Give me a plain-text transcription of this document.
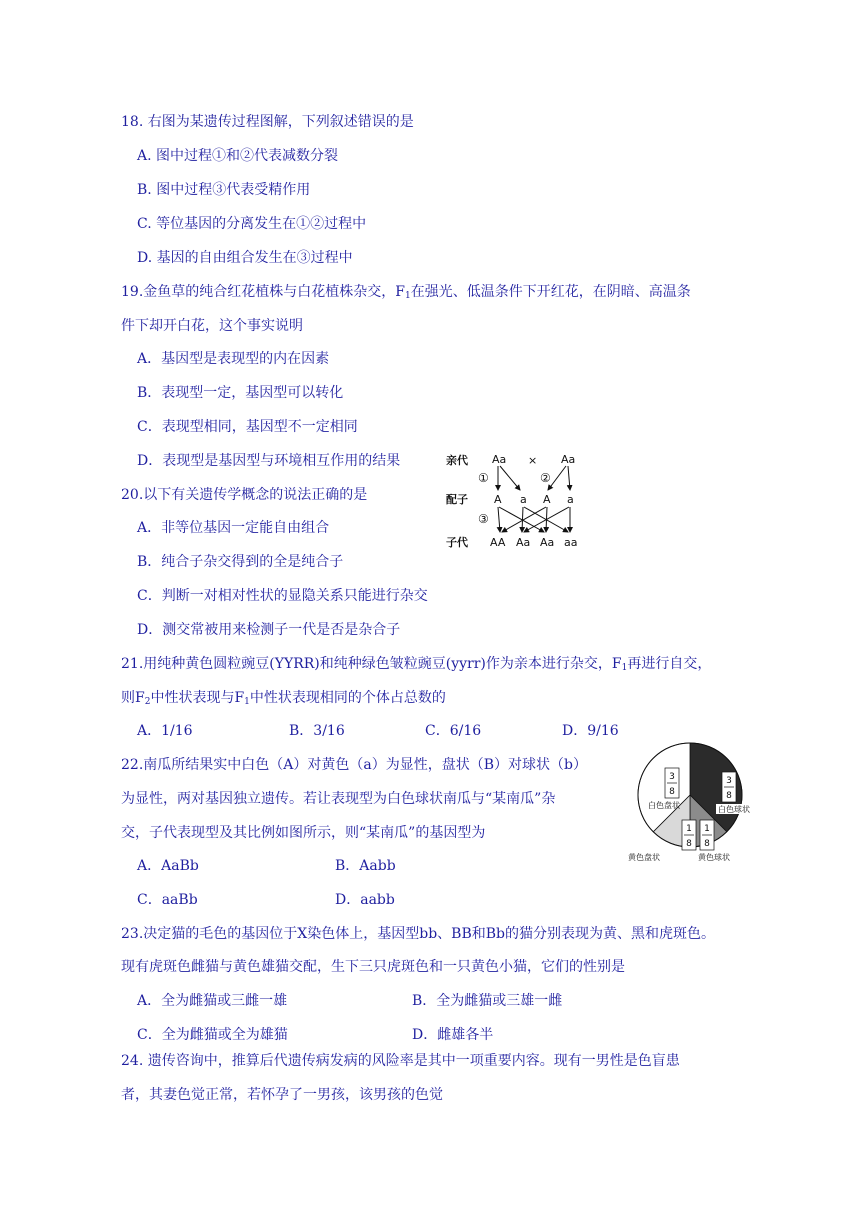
18. 右图为某遗传过程图解，下列叙述错误的是
A. 图中过程①和②代表减数分裂
B. 图中过程③代表受精作用
C. 等位基因的分离发生在①②过程中
D. 基因的自由组合发生在③过程中
19.金鱼草的纯合红花植株与白花植株杂交，$F_1$在强光、低温条件下开红花，在阴暗、高温条
件下却开白花，这个事实说明
A．基因型是表现型的内在因素
B．表现型一定，基因型可以转化
C．表现型相同，基因型不一定相同
D．表现型是基因型与环境相互作用的结果
20.以下有关遗传学概念的说法正确的是
A．非等位基因一定能自由组合
B．纯合子杂交得到的全是纯合子
C．判断一对相对性状的显隐关系只能进行杂交
D．测交常被用来检测子一代是否是杂合子
21.用纯种黄色圆粒豌豆(YYRR)和纯种绿色皱粒豌豆(yyrr)作为亲本进行杂交，$F_1$再进行自交，
则$F_2$中性状表现与$F_1$中性状表现相同的个体占总数的
A．1/16	B．3/16	C．6/16	D．9/16
22.南瓜所结果实中白色（A）对黄色（a）为显性，盘状（B）对球状（b）
为显性，两对基因独立遗传。若让表现型为白色球状南瓜与“某南瓜”杂
交，子代表现型及其比例如图所示，则“某南瓜”的基因型为
A．AaBb	B．Aabb
C．aaBb	D．aabb
23.决定猫的毛色的基因位于X染色体上，基因型bb、BB和Bb的猫分别表现为黄、黑和虎斑色。
现有虎斑色雌猫与黄色雄猫交配，生下三只虎斑色和一只黄色小猫，它们的性别是
A．全为雌猫或三雌一雄	B．全为雌猫或三雄一雌
C．全为雌猫或全为雄猫	D．雌雄各半
24. 遗传咨询中，推算后代遗传病发病的风险率是其中一项重要内容。现有一男性是色盲患
者，其妻色觉正常，若怀孕了一男孩，该男孩的色觉
亲代
配子
子代
Aa × Aa
①	②
③
A a A a
AA Aa Aa aa
3
8
白色盘状
3
8
白色球状
1
8
1
8
黄色盘状	黄色球状
